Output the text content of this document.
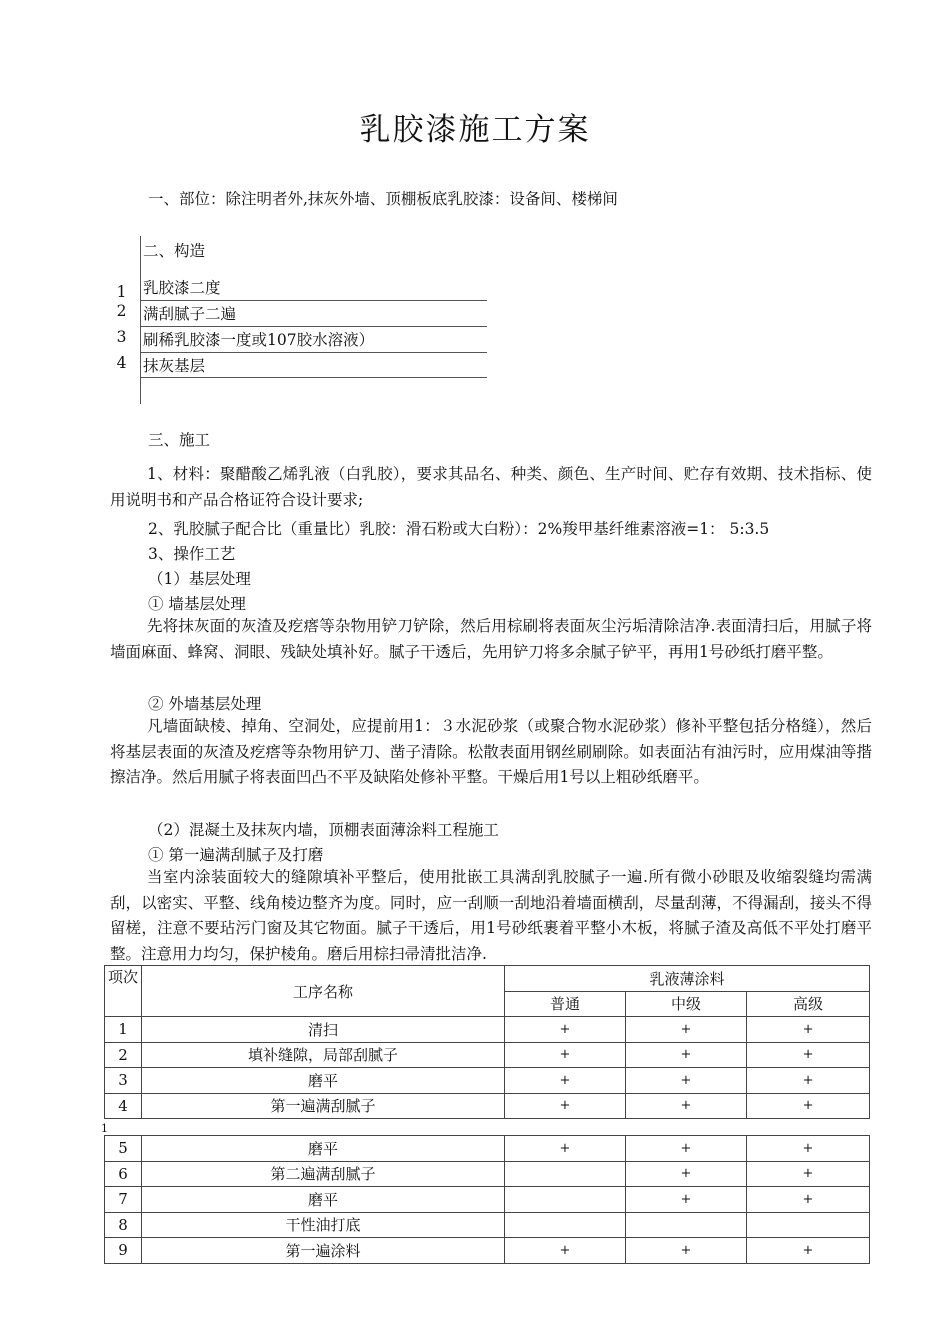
乳胶漆施工方案
一、部位：除注明者外,抹灰外墙、顶棚板底乳胶漆：设备间、楼梯间
二、构造
1	乳胶漆二度
2	满刮腻子二遍
3	刷稀乳胶漆一度或107胶水溶液）
4	抹灰基层
三、施工
1、材料：聚醋酸乙烯乳液（白乳胶），要求其品名、种类、颜色、生产时间、贮存有效期、技术指标、使用说明书和产品合格证符合设计要求;
2、乳胶腻子配合比（重量比）乳胶：滑石粉或大白粉）：2%羧甲基纤维素溶液=1： 5:3.5
3、操作工艺
（1）基层处理
① 墙基层处理
先将抹灰面的灰渣及疙瘩等杂物用铲刀铲除，然后用棕刷将表面灰尘污垢清除洁净.表面清扫后，用腻子将墙面麻面、蜂窝、洞眼、残缺处填补好。腻子干透后，先用铲刀将多余腻子铲平，再用1号砂纸打磨平整。
② 外墙基层处理
凡墙面缺棱、掉角、空洞处，应提前用1：３水泥砂浆（或聚合物水泥砂浆）修补平整包括分格缝），然后将基层表面的灰渣及疙瘩等杂物用铲刀、凿子清除。松散表面用钢丝刷刷除。如表面沾有油污时，应用煤油等揩擦洁净。然后用腻子将表面凹凸不平及缺陷处修补平整。干燥后用1号以上粗砂纸磨平。
（2）混凝土及抹灰内墙，顶棚表面薄涂料工程施工
① 第一遍满刮腻子及打磨
当室内涂装面较大的缝隙填补平整后，使用批嵌工具满刮乳胶腻子一遍.所有微小砂眼及收缩裂缝均需满刮，以密实、平整、线角棱边整齐为度。同时，应一刮顺一刮地沿着墙面横刮，尽量刮薄，不得漏刮，接头不得留槎，注意不要玷污门窗及其它物面。腻子干透后，用1号砂纸裹着平整小木板，将腻子渣及高低不平处打磨平整。注意用力均匀，保护棱角。磨后用棕扫帚清批洁净.
项次	工序名称	乳液薄涂料		
		普通	中级	高级
1	清扫	+	+	+
2	填补缝隙，局部刮腻子	+	+	+
3	磨平	+	+	+
4	第一遍满刮腻子	+	+	+
1
5	磨平	+	+	+
6	第二遍满刮腻子		+	+
7	磨平		+	+
8	干性油打底			
9	第一遍涂料	+	+	+
